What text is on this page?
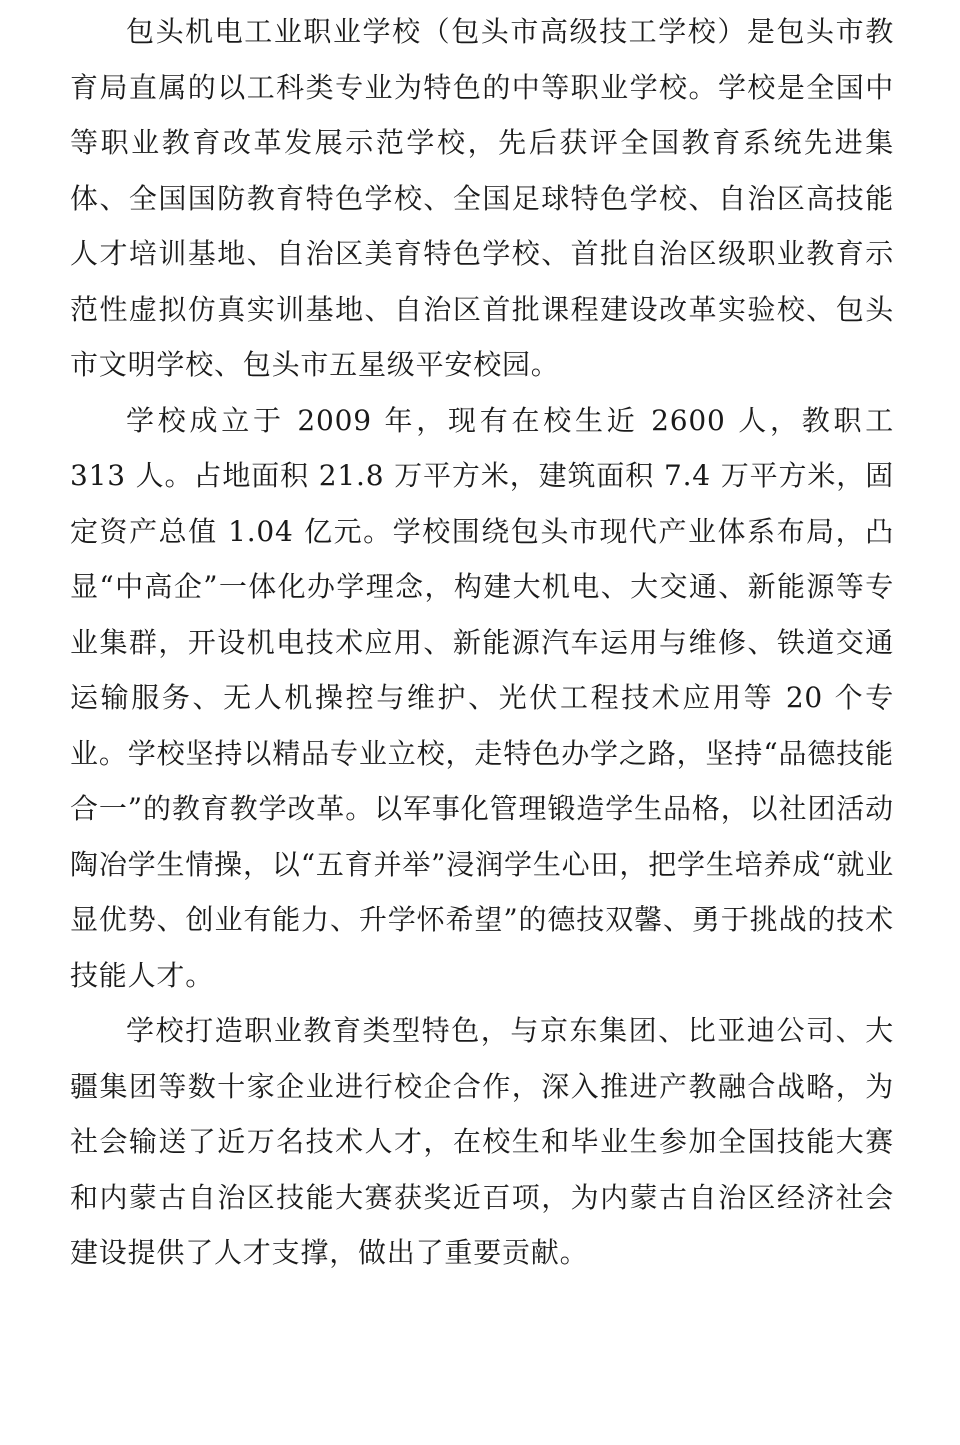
包头机电工业职业学校（包头市高级技工学校）是包头市教育局直属的以工科类专业为特色的中等职业学校。学校是全国中等职业教育改革发展示范学校，先后获评全国教育系统先进集体、全国国防教育特色学校、全国足球特色学校、自治区高技能人才培训基地、自治区美育特色学校、首批自治区级职业教育示范性虚拟仿真实训基地、自治区首批课程建设改革实验校、包头市文明学校、包头市五星级平安校园。

学校成立于 2009 年，现有在校生近 2600 人，教职工 313 人。占地面积 21.8 万平方米，建筑面积 7.4 万平方米，固定资产总值 1.04 亿元。学校围绕包头市现代产业体系布局，凸显“中高企”一体化办学理念，构建大机电、大交通、新能源等专业集群，开设机电技术应用、新能源汽车运用与维修、铁道交通运输服务、无人机操控与维护、光伏工程技术应用等 20 个专业。学校坚持以精品专业立校，走特色办学之路，坚持“品德技能合一”的教育教学改革。以军事化管理锻造学生品格，以社团活动陶冶学生情操，以“五育并举”浸润学生心田，把学生培养成“就业显优势、创业有能力、升学怀希望”的德技双馨、勇于挑战的技术技能人才。

学校打造职业教育类型特色，与京东集团、比亚迪公司、大疆集团等数十家企业进行校企合作，深入推进产教融合战略，为社会输送了近万名技术人才，在校生和毕业生参加全国技能大赛和内蒙古自治区技能大赛获奖近百项，为内蒙古自治区经济社会建设提供了人才支撑，做出了重要贡献。
